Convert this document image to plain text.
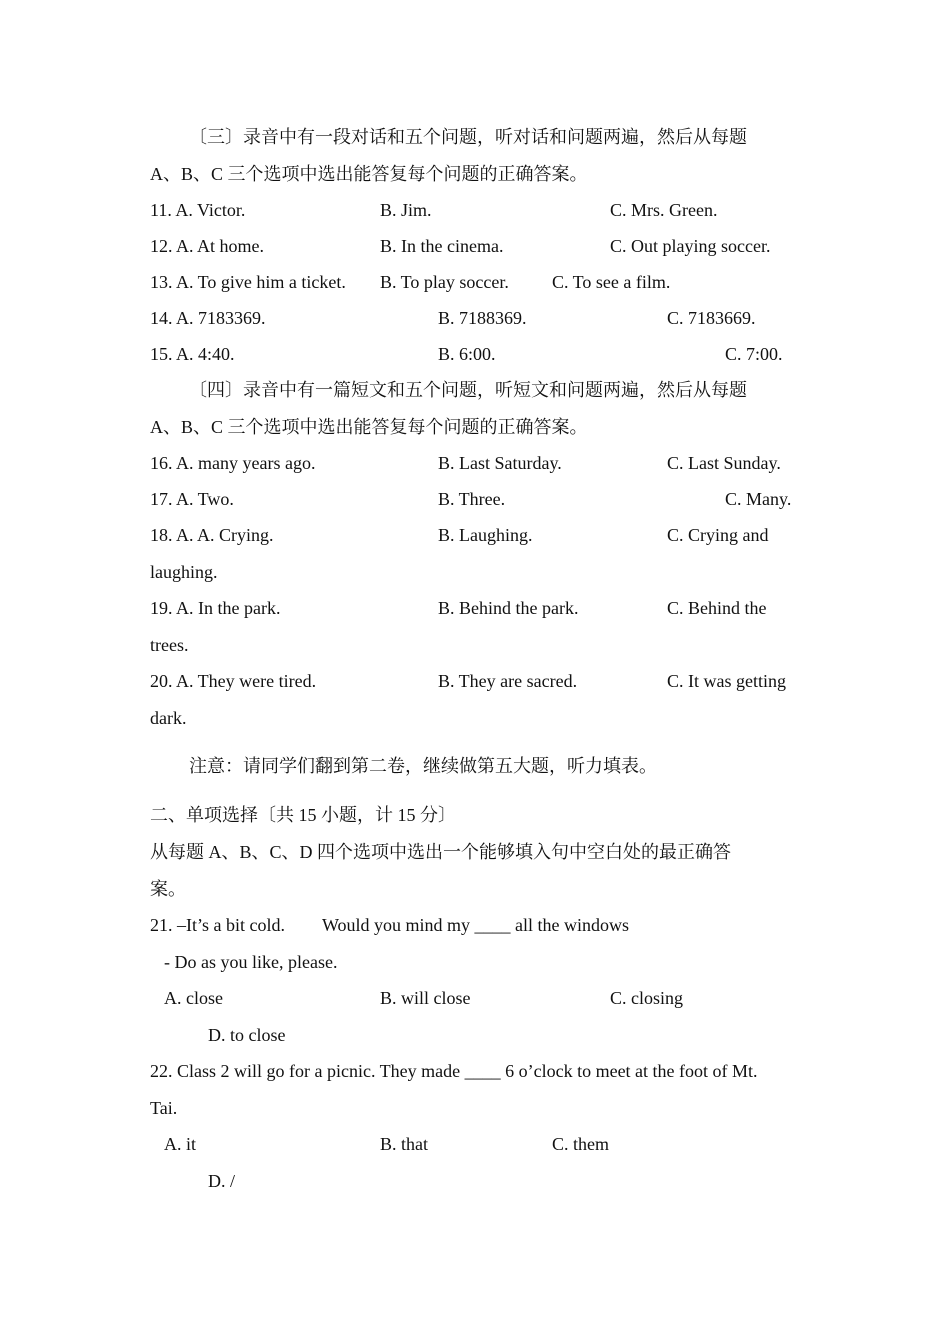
〔三〕录音中有一段对话和五个问题，听对话和问题两遍，然后从每题
A、B、C 三个选项中选出能答复每个问题的正确答案。
11. A. Victor.	B. Jim.	C. Mrs. Green.
12. A. At home.	B. In the cinema.	C. Out playing soccer.
13. A. To give him a ticket. B. To play soccer. C. To see a film.
14. A. 7183369.	B. 7188369.	C. 7183669.
15. A. 4:40.	B. 6:00.	C. 7:00.
〔四〕录音中有一篇短文和五个问题，听短文和问题两遍，然后从每题
A、B、C 三个选项中选出能答复每个问题的正确答案。
16. A. many years ago.	B. Last Saturday.	C. Last Sunday.
17. A. Two.	B. Three.	C. Many.
18. A. A. Crying.	B. Laughing.	C. Crying and
laughing.
19. A. In the park.	B. Behind the park.	C. Behind the
trees.
20. A. They were tired.	B. They are sacred.	C. It was getting
dark.
注意：请同学们翻到第二卷，继续做第五大题，听力填表。
二、单项选择〔共 15 小题，计 15 分〕
从每题 A、B、C、D 四个选项中选出一个能够填入句中空白处的最正确答
案。
21. –It’s a bit cold. Would you mind my ____ all the windows
- Do as you like, please.
A. close	B. will close	C. closing
D. to close
22. Class 2 will go for a picnic. They made ____ 6 o’clock to meet at the foot of Mt.
Tai.
A. it	B. that	C. them
D. /
